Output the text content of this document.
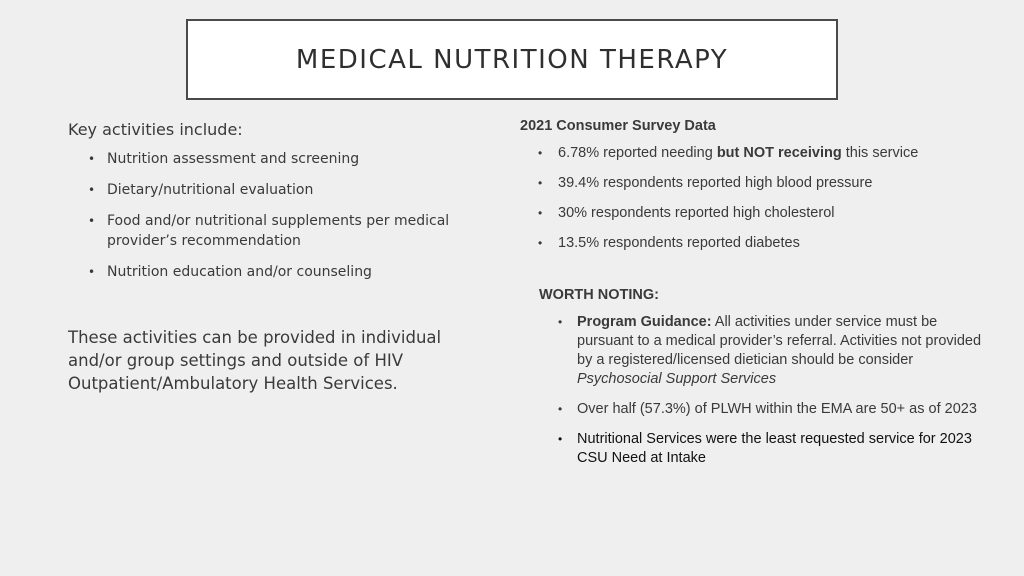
MEDICAL NUTRITION THERAPY
Key activities include:
• Nutrition assessment and screening
• Dietary/nutritional evaluation
• Food and/or nutritional supplements per medical provider’s recommendation
• Nutrition education and/or counseling
These activities can be provided in individual and/or group settings and outside of HIV Outpatient/Ambulatory Health Services.
2021 Consumer Survey Data
• 6.78% reported needing but NOT receiving this service
• 39.4% respondents reported high blood pressure
• 30% respondents reported high cholesterol
• 13.5% respondents reported diabetes
WORTH NOTING:
• Program Guidance: All activities under service must be pursuant to a medical provider’s referral. Activities not provided by a registered/licensed dietician should be consider Psychosocial Support Services
• Over half (57.3%) of PLWH within the EMA are 50+ as of 2023
• Nutritional Services were the least requested service for 2023 CSU Need at Intake
